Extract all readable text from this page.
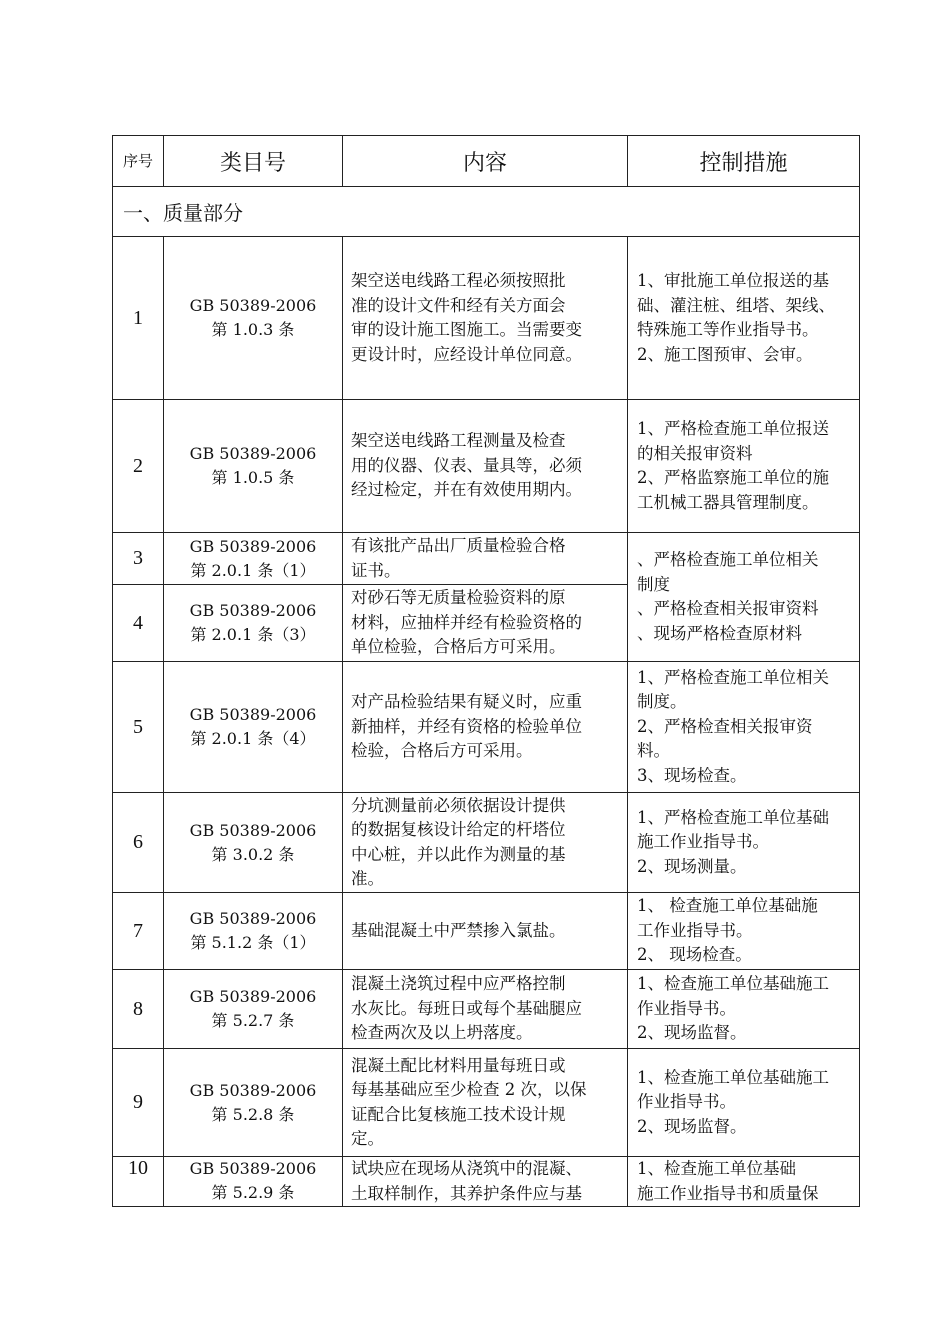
序号	类目号	内容	控制措施
一、质量部分			

1	GB 50389-2006
第 1.0.3 条	架空送电线路工程必须按照批
准的设计文件和经有关方面会
审的设计施工图施工。当需要变
更设计时，应经设计单位同意。	1、审批施工单位报送的基
础、灌注桩、组塔、架线、
特殊施工等作业指导书。
2、施工图预审、会审。

2	GB 50389-2006
第 1.0.5 条	架空送电线路工程测量及检查
用的仪器、仪表、量具等，必须
经过检定，并在有效使用期内。	1、严格检查施工单位报送
的相关报审资料
2、严格监察施工单位的施
工机械工器具管理制度。

3	GB 50389-2006
第 2.0.1 条（1）	有该批产品出厂质量检验合格
证书。	、严格检查施工单位相关
制度
、严格检查相关报审资料
、现场严格检查原材料

4	GB 50389-2006
第 2.0.1 条（3）	对砂石等无质量检验资料的原
材料，应抽样并经有检验资格的
单位检验，合格后方可采用。	

5	GB 50389-2006
第 2.0.1 条（4）	对产品检验结果有疑义时，应重
新抽样，并经有资格的检验单位
检验，合格后方可采用。	1、严格检查施工单位相关
制度。
2、严格检查相关报审资
料。
3、现场检查。

6	GB 50389-2006
第 3.0.2 条	分坑测量前必须依据设计提供
的数据复核设计给定的杆塔位
中心桩，并以此作为测量的基
准。	1、严格检查施工单位基础
施工作业指导书。
2、现场测量。

7	GB 50389-2006
第 5.1.2 条（1）	基础混凝土中严禁掺入氯盐。	1、 检查施工单位基础施
工作业指导书。
2、 现场检查。

8	GB 50389-2006
第 5.2.7 条	混凝土浇筑过程中应严格控制
水灰比。每班日或每个基础腿应
检查两次及以上坍落度。	1、检查施工单位基础施工
作业指导书。
2、现场监督。

9	GB 50389-2006
第 5.2.8 条	混凝土配比材料用量每班日或
每基基础应至少检查 2 次，以保
证配合比复核施工技术设计规
定。	1、检查施工单位基础施工
作业指导书。
2、现场监督。

10	GB 50389-2006
第 5.2.9 条	试块应在现场从浇筑中的混凝、
土取样制作，其养护条件应与基	1、检查施工单位基础
施工作业指导书和质量保
